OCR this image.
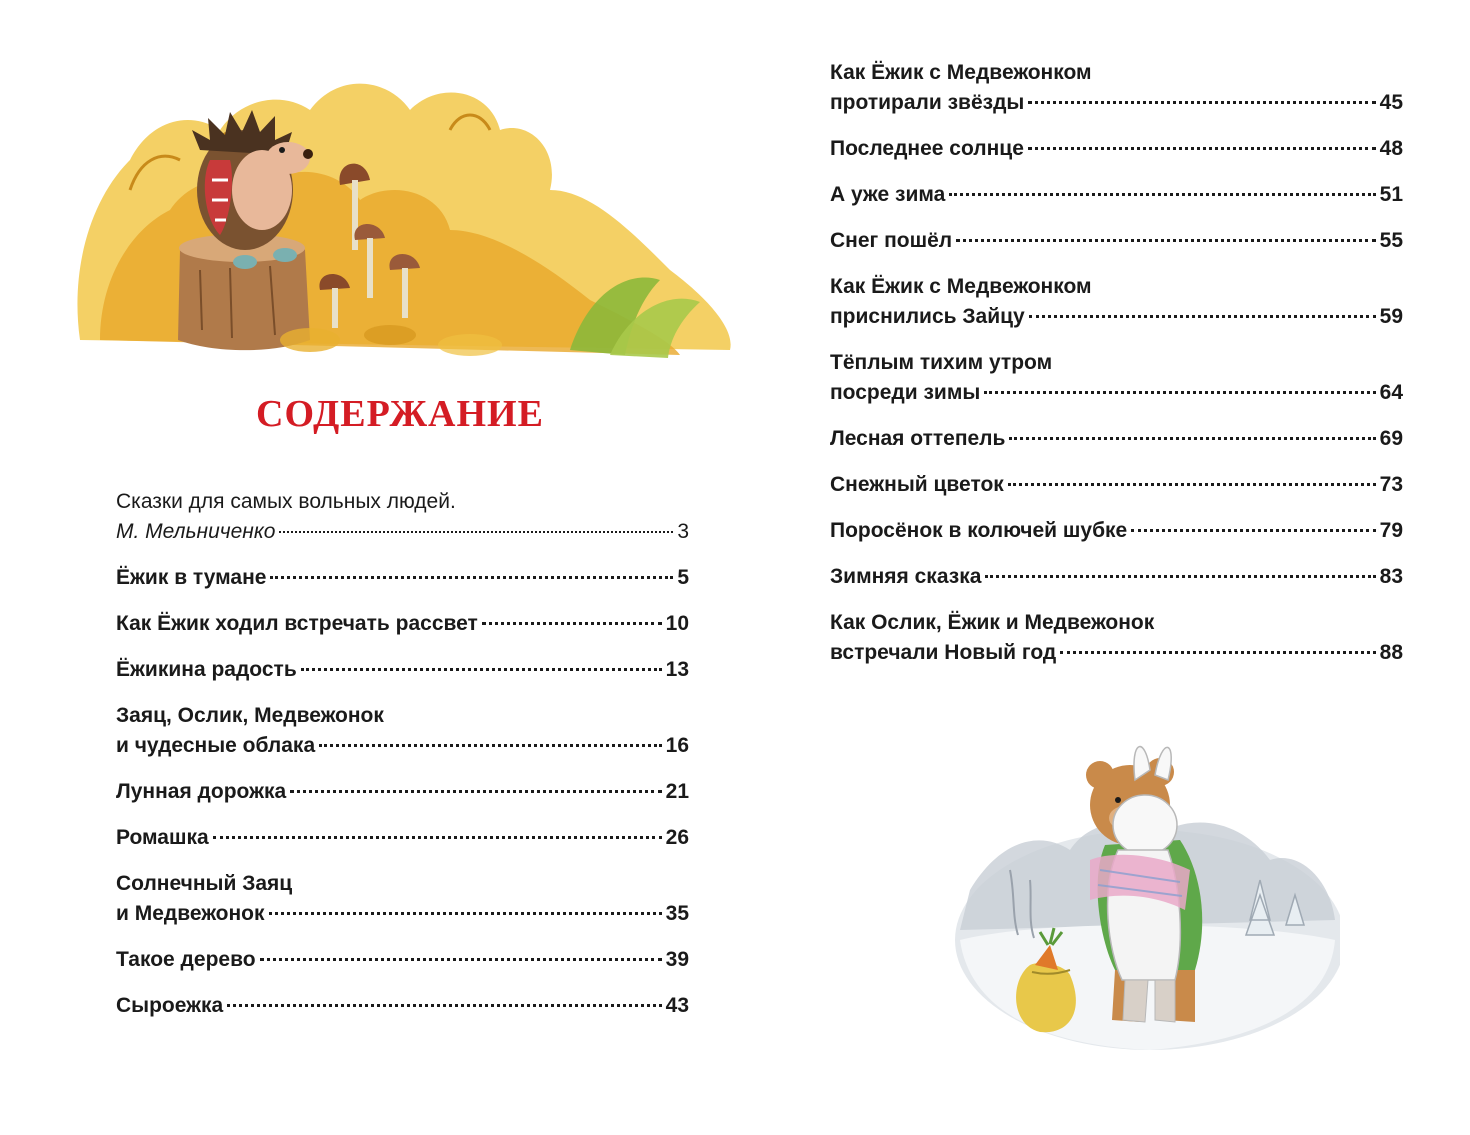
СОДЕРЖАНИЕ
Сказки для самых вольных людей.
М. Мельниченко	3
Ёжик в тумане	5
Как Ёжик ходил встречать рассвет	10
Ёжикина радость	13
Заяц, Ослик, Медвежонок
и чудесные облака	16
Лунная дорожка	21
Ромашка	26
Солнечный Заяц
и Медвежонок	35
Такое дерево	39
Сыроежка	43
Как Ёжик с Медвежонком
протирали звёзды	45
Последнее солнце	48
А уже зима	51
Снег пошёл	55
Как Ёжик с Медвежонком
приснились Зайцу	59
Тёплым тихим утром
посреди зимы	64
Лесная оттепель	69
Снежный цветок	73
Поросёнок в колючей шубке	79
Зимняя сказка	83
Как Ослик, Ёжик и Медвежонок
встречали Новый год	88
